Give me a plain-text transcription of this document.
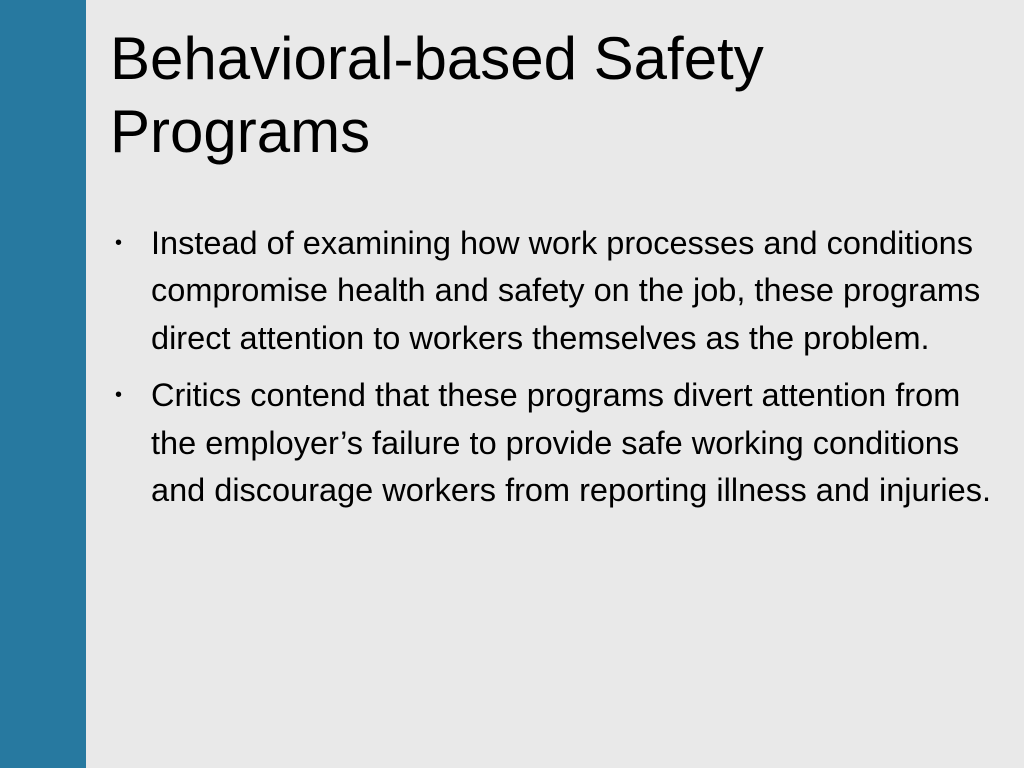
Behavioral-based Safety Programs
• Instead of examining how work processes and conditions compromise health and safety on the job, these programs direct attention to workers themselves as the problem.
• Critics contend that these programs divert attention from the employer’s failure to provide safe working conditions and discourage workers from reporting illness and injuries.
